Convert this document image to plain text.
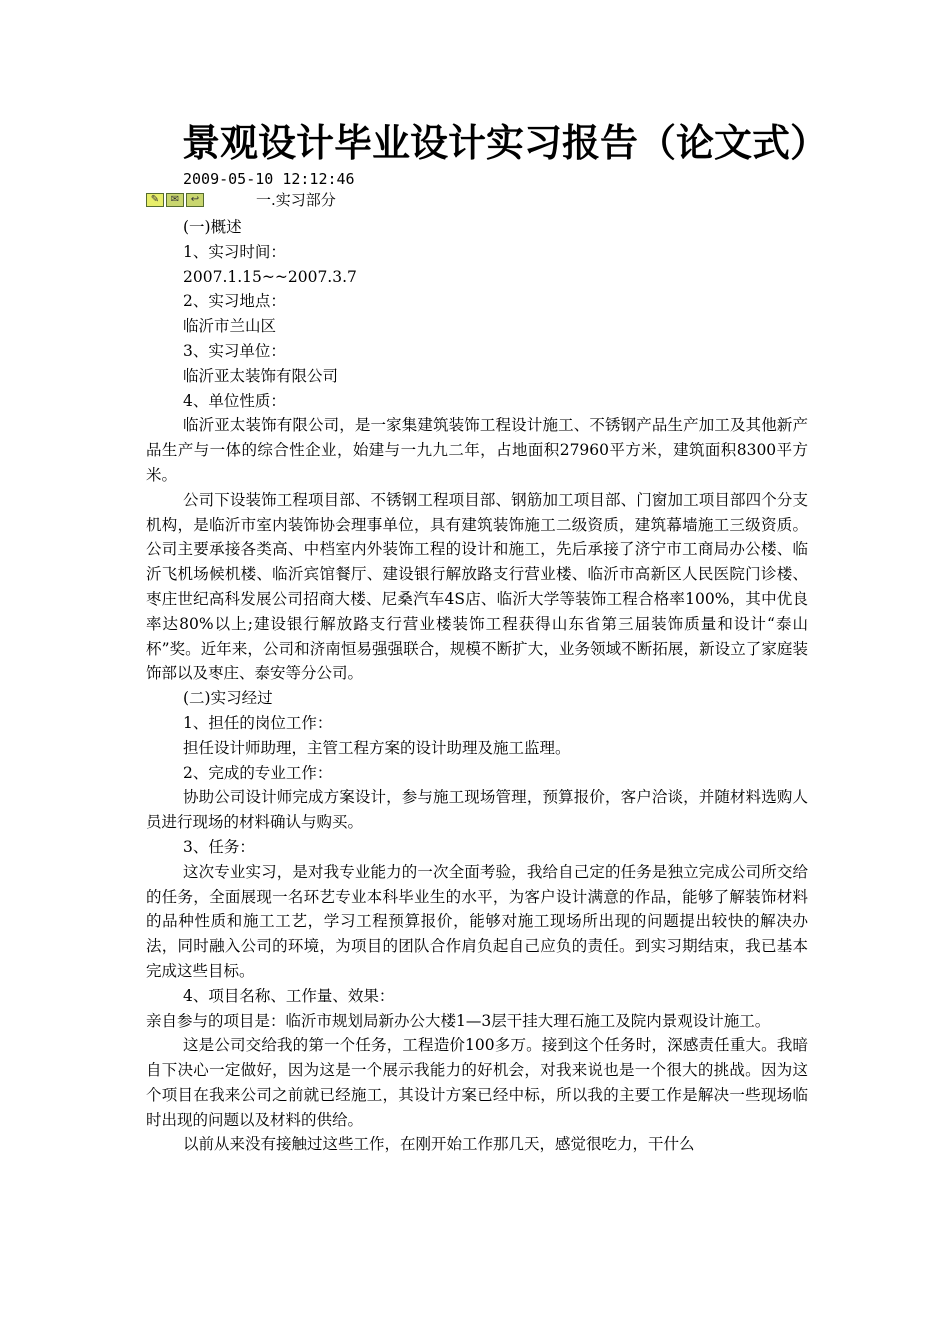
景观设计毕业设计实习报告（论文式）
2009-05-10 12:12:46
✎	✉	↩	一.实习部分

(一)概述

1、实习时间：

2007.1.15~~2007.3.7

2、实习地点：

临沂市兰山区

3、实习单位：

临沂亚太装饰有限公司

4、单位性质：

临沂亚太装饰有限公司，是一家集建筑装饰工程设计施工、不锈钢产品生产加工及其他新产品生产与一体的综合性企业，始建与一九九二年，占地面积27960平方米，建筑面积8300平方米。

公司下设装饰工程项目部、不锈钢工程项目部、钢筋加工项目部、门窗加工项目部四个分支机构，是临沂市室内装饰协会理事单位，具有建筑装饰施工二级资质，建筑幕墙施工三级资质。公司主要承接各类高、中档室内外装饰工程的设计和施工，先后承接了济宁市工商局办公楼、临沂飞机场候机楼、临沂宾馆餐厅、建设银行解放路支行营业楼、临沂市高新区人民医院门诊楼、枣庄世纪高科发展公司招商大楼、尼桑汽车4S店、临沂大学等装饰工程合格率100%，其中优良率达80%以上;建设银行解放路支行营业楼装饰工程获得山东省第三届装饰质量和设计“泰山杯”奖。近年来，公司和济南恒易强强联合，规模不断扩大，业务领域不断拓展，新设立了家庭装饰部以及枣庄、泰安等分公司。

(二)实习经过

1、担任的岗位工作：

担任设计师助理，主管工程方案的设计助理及施工监理。

2、完成的专业工作：

协助公司设计师完成方案设计，参与施工现场管理，预算报价，客户洽谈，并随材料选购人员进行现场的材料确认与购买。

3、任务：

这次专业实习，是对我专业能力的一次全面考验，我给自己定的任务是独立完成公司所交给的任务，全面展现一名环艺专业本科毕业生的水平，为客户设计满意的作品，能够了解装饰材料的品种性质和施工工艺，学习工程预算报价，能够对施工现场所出现的问题提出较快的解决办法，同时融入公司的环境，为项目的团队合作肩负起自己应负的责任。到实习期结束，我已基本完成这些目标。

4、项目名称、工作量、效果：

亲自参与的项目是：临沂市规划局新办公大楼1—3层干挂大理石施工及院内景观设计施工。

这是公司交给我的第一个任务，工程造价100多万。接到这个任务时，深感责任重大。我暗自下决心一定做好，因为这是一个展示我能力的好机会，对我来说也是一个很大的挑战。因为这个项目在我来公司之前就已经施工，其设计方案已经中标，所以我的主要工作是解决一些现场临时出现的问题以及材料的供给。

以前从来没有接触过这些工作，在刚开始工作那几天，感觉很吃力，干什么
